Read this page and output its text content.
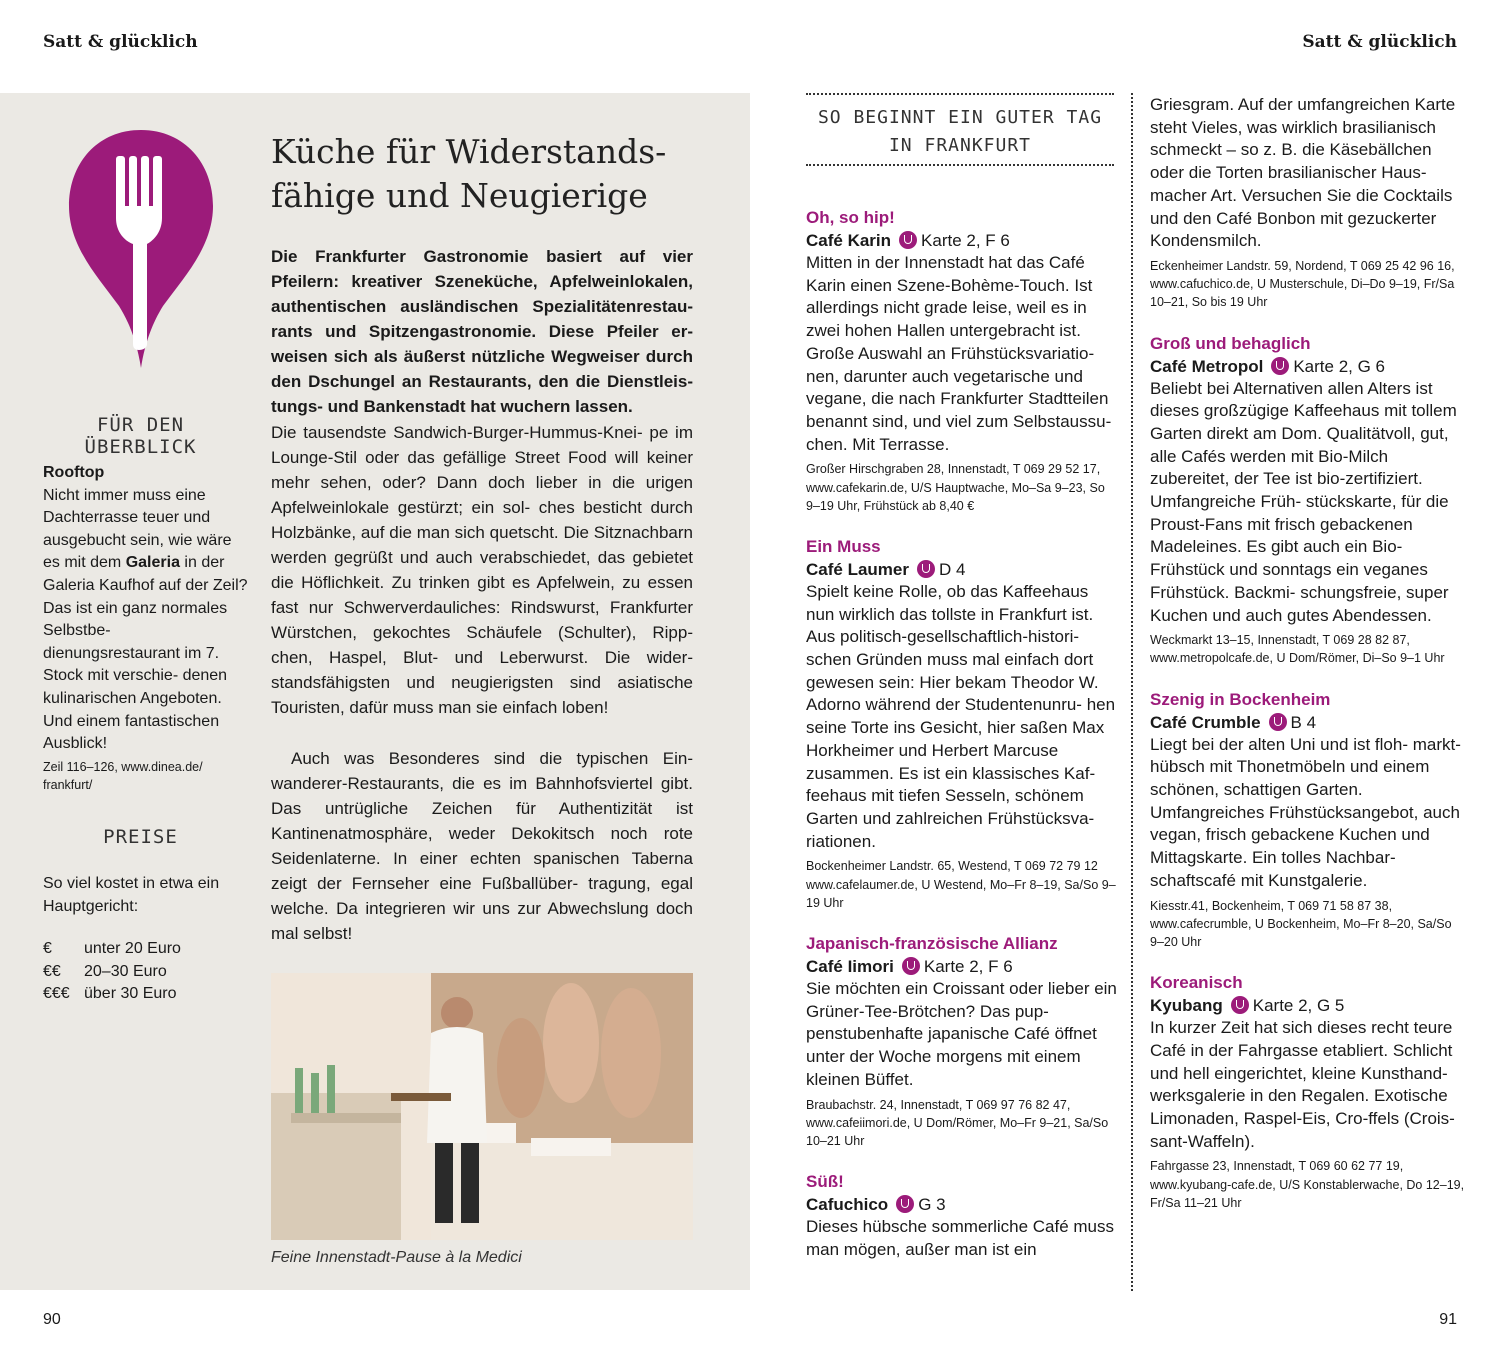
Satt & glücklich	Satt & glücklich
90	91
FÜR DEN ÜBERBLICK
Rooftop
Nicht immer muss eine Dachterrasse teuer und ausgebucht sein, wie wäre es mit dem Galeria in der Galeria Kaufhof auf der Zeil? Das ist ein ganz normales Selbstbe- dienungsrestaurant im 7. Stock mit verschie- denen kulinarischen Angeboten. Und einem fantastischen Ausblick!
Zeil 116–126, www.dinea.de/ frankfurt/
PREISE
So viel kostet in etwa ein Hauptgericht:
€	unter 20 Euro
€€	20–30 Euro
€€€ über 30 Euro
Küche für Widerstands-
fähige und Neugierige

Die Frankfurter Gastronomie basiert auf vier Pfeilern: kreativer Szeneküche, Apfelweinlokalen, authentischen ausländischen Spezialitätenrestau- rants und Spitzengastronomie. Diese Pfeiler er- weisen sich als äußerst nützliche Wegweiser durch den Dschungel an Restaurants, den die Dienstleis- tungs- und Bankenstadt hat wuchern lassen.

Die tausendste Sandwich-Burger-Hummus-Knei- pe im Lounge-Stil oder das gefällige Street Food will keiner mehr sehen, oder? Dann doch lieber in die urigen Apfelweinlokale gestürzt; ein sol- ches besticht durch Holzbänke, auf die man sich quetscht. Die Sitznachbarn werden gegrüßt und auch verabschiedet, das gebietet die Höflichkeit. Zu trinken gibt es Apfelwein, zu essen fast nur Schwerverdauliches: Rindswurst, Frankfurter Würstchen, gekochtes Schäufele (Schulter), Ripp- chen, Haspel, Blut- und Leberwurst. Die wider- standsfähigsten und neugierigsten sind asiatische Touristen, dafür muss man sie einfach loben!

Auch was Besonderes sind die typischen Ein- wanderer-Restaurants, die es im Bahnhofsviertel gibt. Das untrügliche Zeichen für Authentizität ist Kantinenatmosphäre, weder Dekokitsch noch rote Seidenlaterne. In einer echten spanischen Taberna zeigt der Fernseher eine Fußballüber- tragung, egal welche. Da integrieren wir uns zur Abwechslung doch mal selbst!

Feine Innenstadt-Pause à la Medici
SO BEGINNT EIN GUTER TAG
IN FRANKFURT
Oh, so hip!
Café Karin Karte 2, F 6

Mitten in der Innenstadt hat das Café Karin einen Szene-Bohème-Touch. Ist allerdings nicht grade leise, weil es in zwei hohen Hallen untergebracht ist. Große Auswahl an Frühstücksvariatio- nen, darunter auch vegetarische und vegane, die nach Frankfurter Stadtteilen benannt sind, und viel zum Selbstaussu- chen. Mit Terrasse.

Großer Hirschgraben 28, Innenstadt, T 069 29 52 17, www.cafekarin.de, U/S Hauptwache, Mo–Sa 9–23, So 9–19 Uhr, Frühstück ab 8,40 €

Ein Muss
Café Laumer D 4

Spielt keine Rolle, ob das Kaffeehaus nun wirklich das tollste in Frankfurt ist. Aus politisch-gesellschaftlich-histori- schen Gründen muss mal einfach dort gewesen sein: Hier bekam Theodor W. Adorno während der Studentenunru- hen seine Torte ins Gesicht, hier saßen Max Horkheimer und Herbert Marcuse zusammen. Es ist ein klassisches Kaf- feehaus mit tiefen Sesseln, schönem Garten und zahlreichen Frühstücksva- riationen.

Bockenheimer Landstr. 65, Westend, T 069 72 79 12 www.cafelaumer.de, U Westend, Mo–Fr 8–19, Sa/So 9–19 Uhr

Japanisch-französische Allianz
Café Iimori Karte 2, F 6

Sie möchten ein Croissant oder lieber ein Grüner-Tee-Brötchen? Das pup- penstubenhafte japanische Café öffnet unter der Woche morgens mit einem kleinen Büffet.

Braubachstr. 24, Innenstadt, T 069 97 76 82 47, www.cafeiimori.de, U Dom/Römer, Mo–Fr 9–21, Sa/So 10–21 Uhr

Süß!
Cafuchico G 3

Dieses hübsche sommerliche Café muss man mögen, außer man ist ein

Griesgram. Auf der umfangreichen Karte steht Vieles, was wirklich brasilianisch schmeckt – so z. B. die Käsebällchen oder die Torten brasilianischer Haus- macher Art. Versuchen Sie die Cocktails und den Café Bonbon mit gezuckerter Kondensmilch.

Eckenheimer Landstr. 59, Nordend, T 069 25 42 96 16, www.cafuchico.de, U Musterschule, Di–Do 9–19, Fr/Sa 10–21, So bis 19 Uhr

Groß und behaglich
Café Metropol Karte 2, G 6

Beliebt bei Alternativen allen Alters ist dieses großzügige Kaffeehaus mit tollem Garten direkt am Dom. Qualitätvoll, gut, alle Cafés werden mit Bio-Milch zubereitet, der Tee ist bio-zertifiziert. Umfangreiche Früh- stückskarte, für die Proust-Fans mit frisch gebackenen Madeleines. Es gibt auch ein Bio-Frühstück und sonntags ein veganes Frühstück. Backmi- schungsfreie, super Kuchen und auch gutes Abendessen.

Weckmarkt 13–15, Innenstadt, T 069 28 82 87, www.metropolcafe.de, U Dom/Römer, Di–So 9–1 Uhr

Szenig in Bockenheim
Café Crumble B 4

Liegt bei der alten Uni und ist floh- markt-hübsch mit Thonetmöbeln und einem schönen, schattigen Garten. Umfangreiches Frühstücksangebot, auch vegan, frisch gebackene Kuchen und Mittagskarte. Ein tolles Nachbar- schaftscafé mit Kunstgalerie.

Kiesstr.41, Bockenheim, T 069 71 58 87 38, www.cafecrumble, U Bockenheim, Mo–Fr 8–20, Sa/So 9–20 Uhr

Koreanisch
Kyubang Karte 2, G 5

In kurzer Zeit hat sich dieses recht teure Café in der Fahrgasse etabliert. Schlicht und hell eingerichtet, kleine Kunsthand- werksgalerie in den Regalen. Exotische Limonaden, Raspel-Eis, Cro-ffels (Crois- sant-Waffeln).

Fahrgasse 23, Innenstadt, T 069 60 62 77 19, www.kyubang-cafe.de, U/S Konstablerwache, Do 12–19, Fr/Sa 11–21 Uhr
